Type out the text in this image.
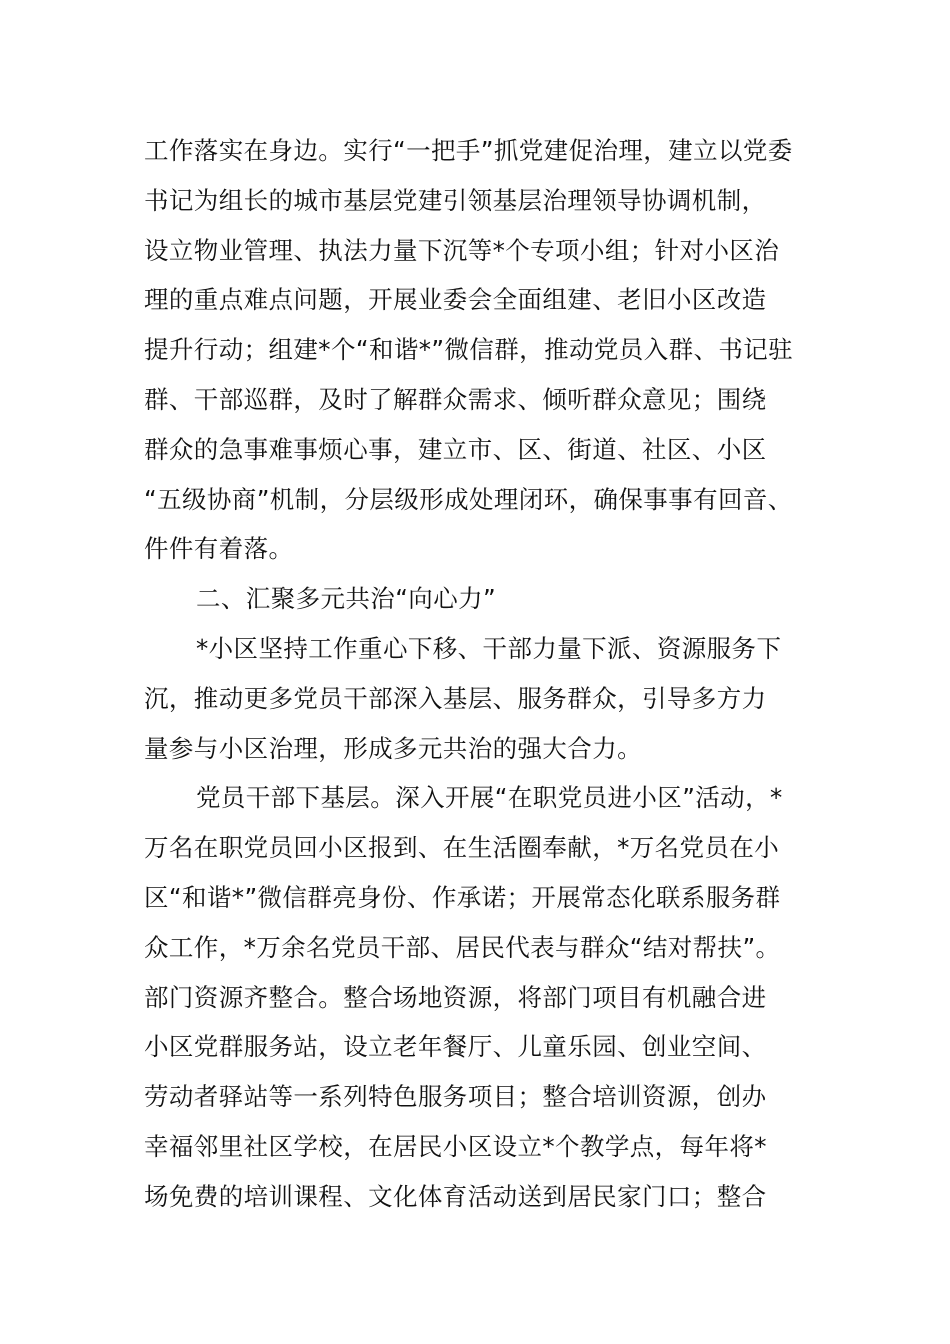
工作落实在身边。实行“一把手”抓党建促治理，建立以党委
书记为组长的城市基层党建引领基层治理领导协调机制，
设立物业管理、执法力量下沉等*个专项小组；针对小区治
理的重点难点问题，开展业委会全面组建、老旧小区改造
提升行动；组建*个“和谐*”微信群，推动党员入群、书记驻
群、干部巡群，及时了解群众需求、倾听群众意见；围绕
群众的急事难事烦心事，建立市、区、街道、社区、小区
“五级协商”机制，分层级形成处理闭环，确保事事有回音、
件件有着落。
二、汇聚多元共治“向心力”
*小区坚持工作重心下移、干部力量下派、资源服务下
沉，推动更多党员干部深入基层、服务群众，引导多方力
量参与小区治理，形成多元共治的强大合力。
党员干部下基层。深入开展“在职党员进小区”活动，*
万名在职党员回小区报到、在生活圈奉献，*万名党员在小
区“和谐*”微信群亮身份、作承诺；开展常态化联系服务群
众工作，*万余名党员干部、居民代表与群众“结对帮扶”。
部门资源齐整合。整合场地资源，将部门项目有机融合进
小区党群服务站，设立老年餐厅、儿童乐园、创业空间、
劳动者驿站等一系列特色服务项目；整合培训资源，创办
幸福邻里社区学校，在居民小区设立*个教学点，每年将*
场免费的培训课程、文化体育活动送到居民家门口；整合
